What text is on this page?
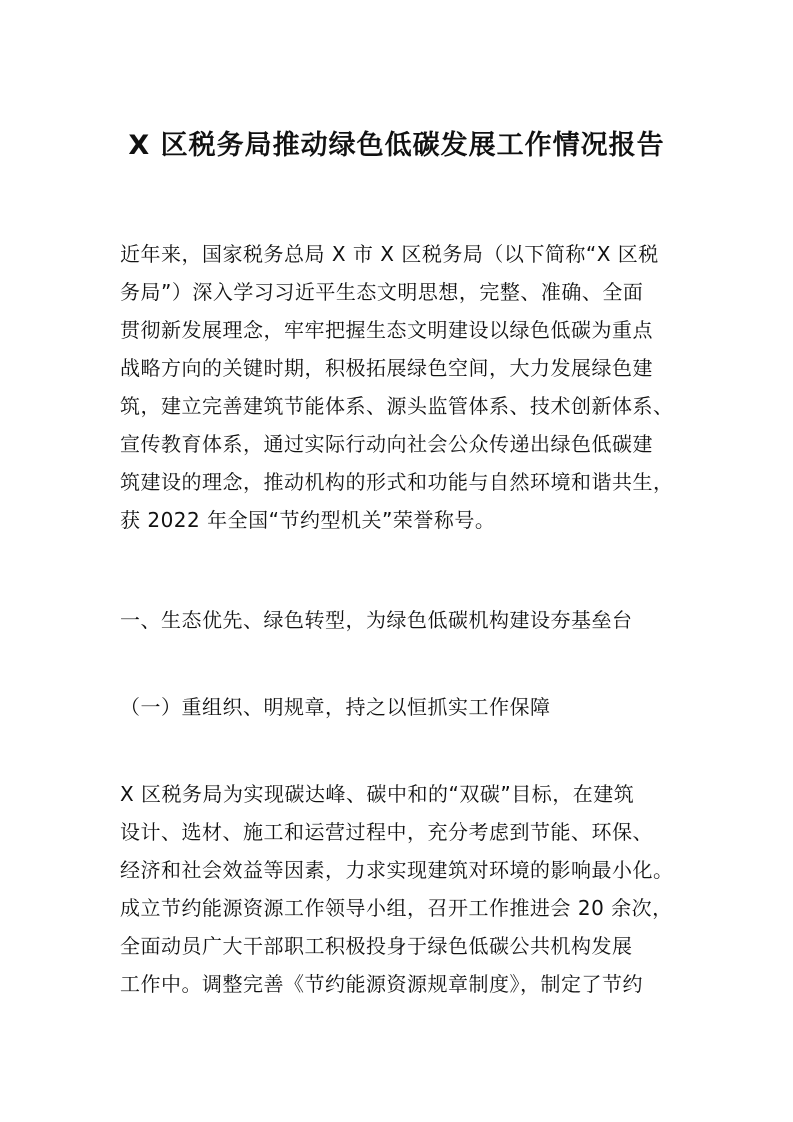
X 区税务局推动绿色低碳发展工作情况报告
近年来，国家税务总局 X 市 X 区税务局（以下简称“X 区税
务局”）深入学习习近平生态文明思想，完整、准确、全面
贯彻新发展理念，牢牢把握生态文明建设以绿色低碳为重点
战略方向的关键时期，积极拓展绿色空间，大力发展绿色建
筑，建立完善建筑节能体系、源头监管体系、技术创新体系、
宣传教育体系，通过实际行动向社会公众传递出绿色低碳建
筑建设的理念，推动机构的形式和功能与自然环境和谐共生，
获 2022 年全国“节约型机关”荣誉称号。
一、生态优先、绿色转型，为绿色低碳机构建设夯基垒台
（一）重组织、明规章，持之以恒抓实工作保障
X 区税务局为实现碳达峰、碳中和的“双碳”目标，在建筑
设计、选材、施工和运营过程中，充分考虑到节能、环保、
经济和社会效益等因素，力求实现建筑对环境的影响最小化。
成立节约能源资源工作领导小组，召开工作推进会 20 余次，
全面动员广大干部职工积极投身于绿色低碳公共机构发展
工作中。调整完善《节约能源资源规章制度》，制定了节约
